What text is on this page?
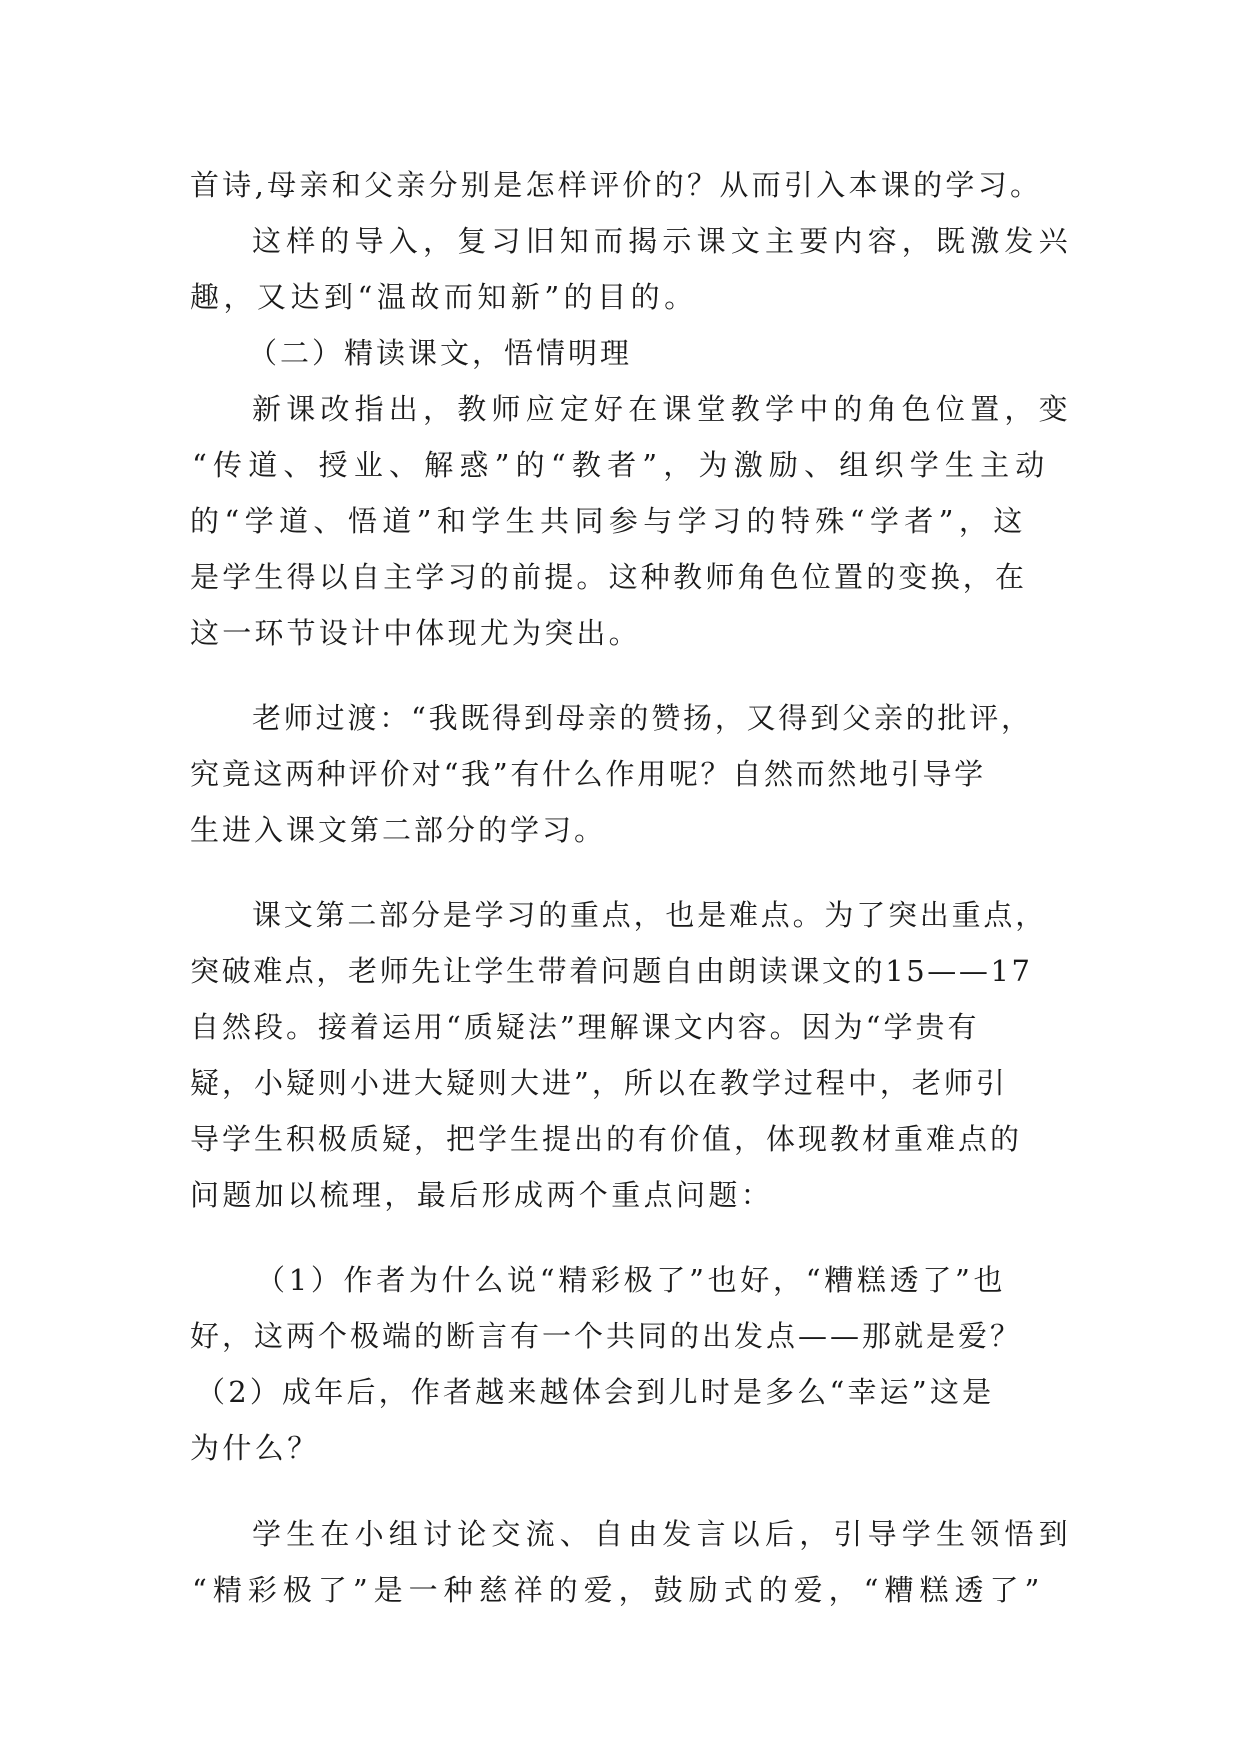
首诗,母亲和父亲分别是怎样评价的？从而引入本课的学习。
这样的导入，复习旧知而揭示课文主要内容，既激发兴
趣，又达到“温故而知新”的目的。
（二）精读课文，悟情明理
新课改指出，教师应定好在课堂教学中的角色位置，变
“传道、授业、解惑”的“教者”，为激励、组织学生主动
的“学道、悟道”和学生共同参与学习的特殊“学者”，这
是学生得以自主学习的前提。这种教师角色位置的变换，在
这一环节设计中体现尤为突出。
老师过渡：“我既得到母亲的赞扬，又得到父亲的批评，
究竟这两种评价对“我”有什么作用呢？自然而然地引导学
生进入课文第二部分的学习。
课文第二部分是学习的重点，也是难点。为了突出重点，
突破难点，老师先让学生带着问题自由朗读课文的15——17
自然段。接着运用“质疑法”理解课文内容。因为“学贵有
疑，小疑则小进大疑则大进”，所以在教学过程中，老师引
导学生积极质疑，把学生提出的有价值，体现教材重难点的
问题加以梳理，最后形成两个重点问题：
（1）作者为什么说“精彩极了”也好，“糟糕透了”也
好，这两个极端的断言有一个共同的出发点——那就是爱？
（2）成年后，作者越来越体会到儿时是多么“幸运”这是
为什么？
学生在小组讨论交流、自由发言以后，引导学生领悟到
“精彩极了”是一种慈祥的爱，鼓励式的爱，“糟糕透了”
